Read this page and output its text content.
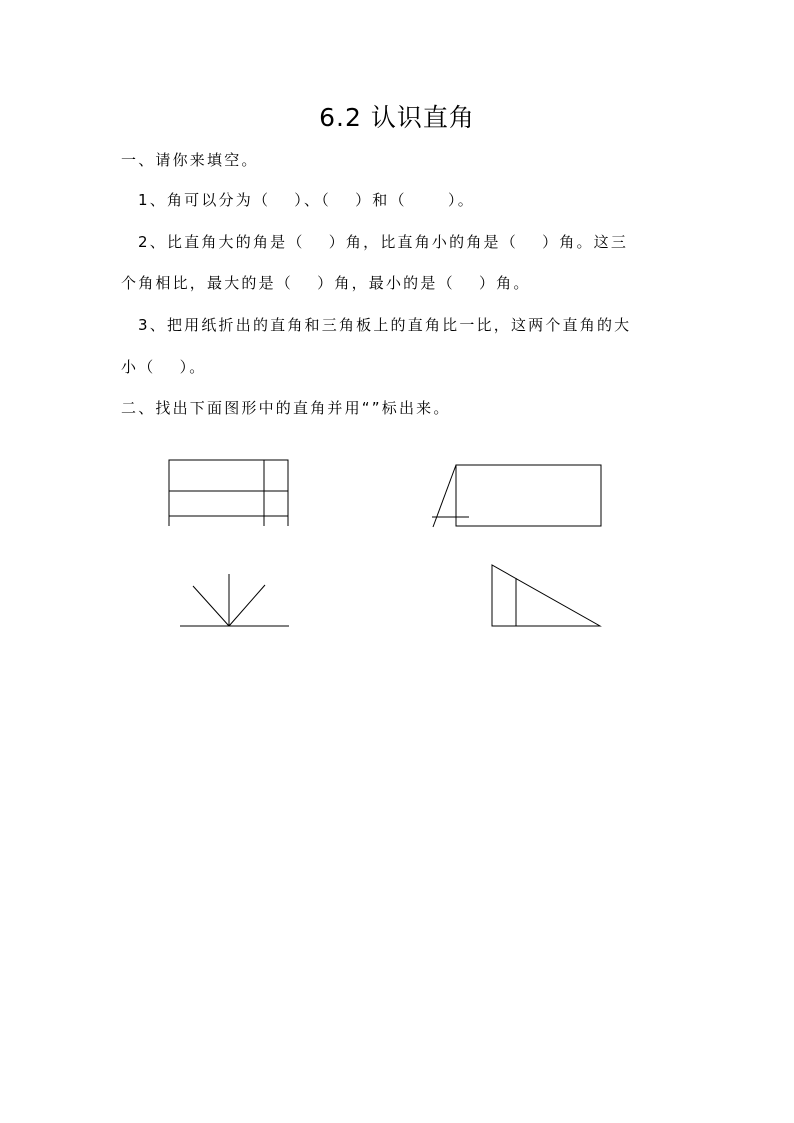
6.2 认识直角
一、请你来填空。
1、角可以分为（　 ）、（　 ）和（　　 ）。
2、比直角大的角是（　 ）角，比直角小的角是（　 ）角。这三
个角相比，最大的是（　 ）角，最小的是（　 ）角。
3、把用纸折出的直角和三角板上的直角比一比，这两个直角的大
小（　 ）。
二、找出下面图形中的直角并用“”标出来。
